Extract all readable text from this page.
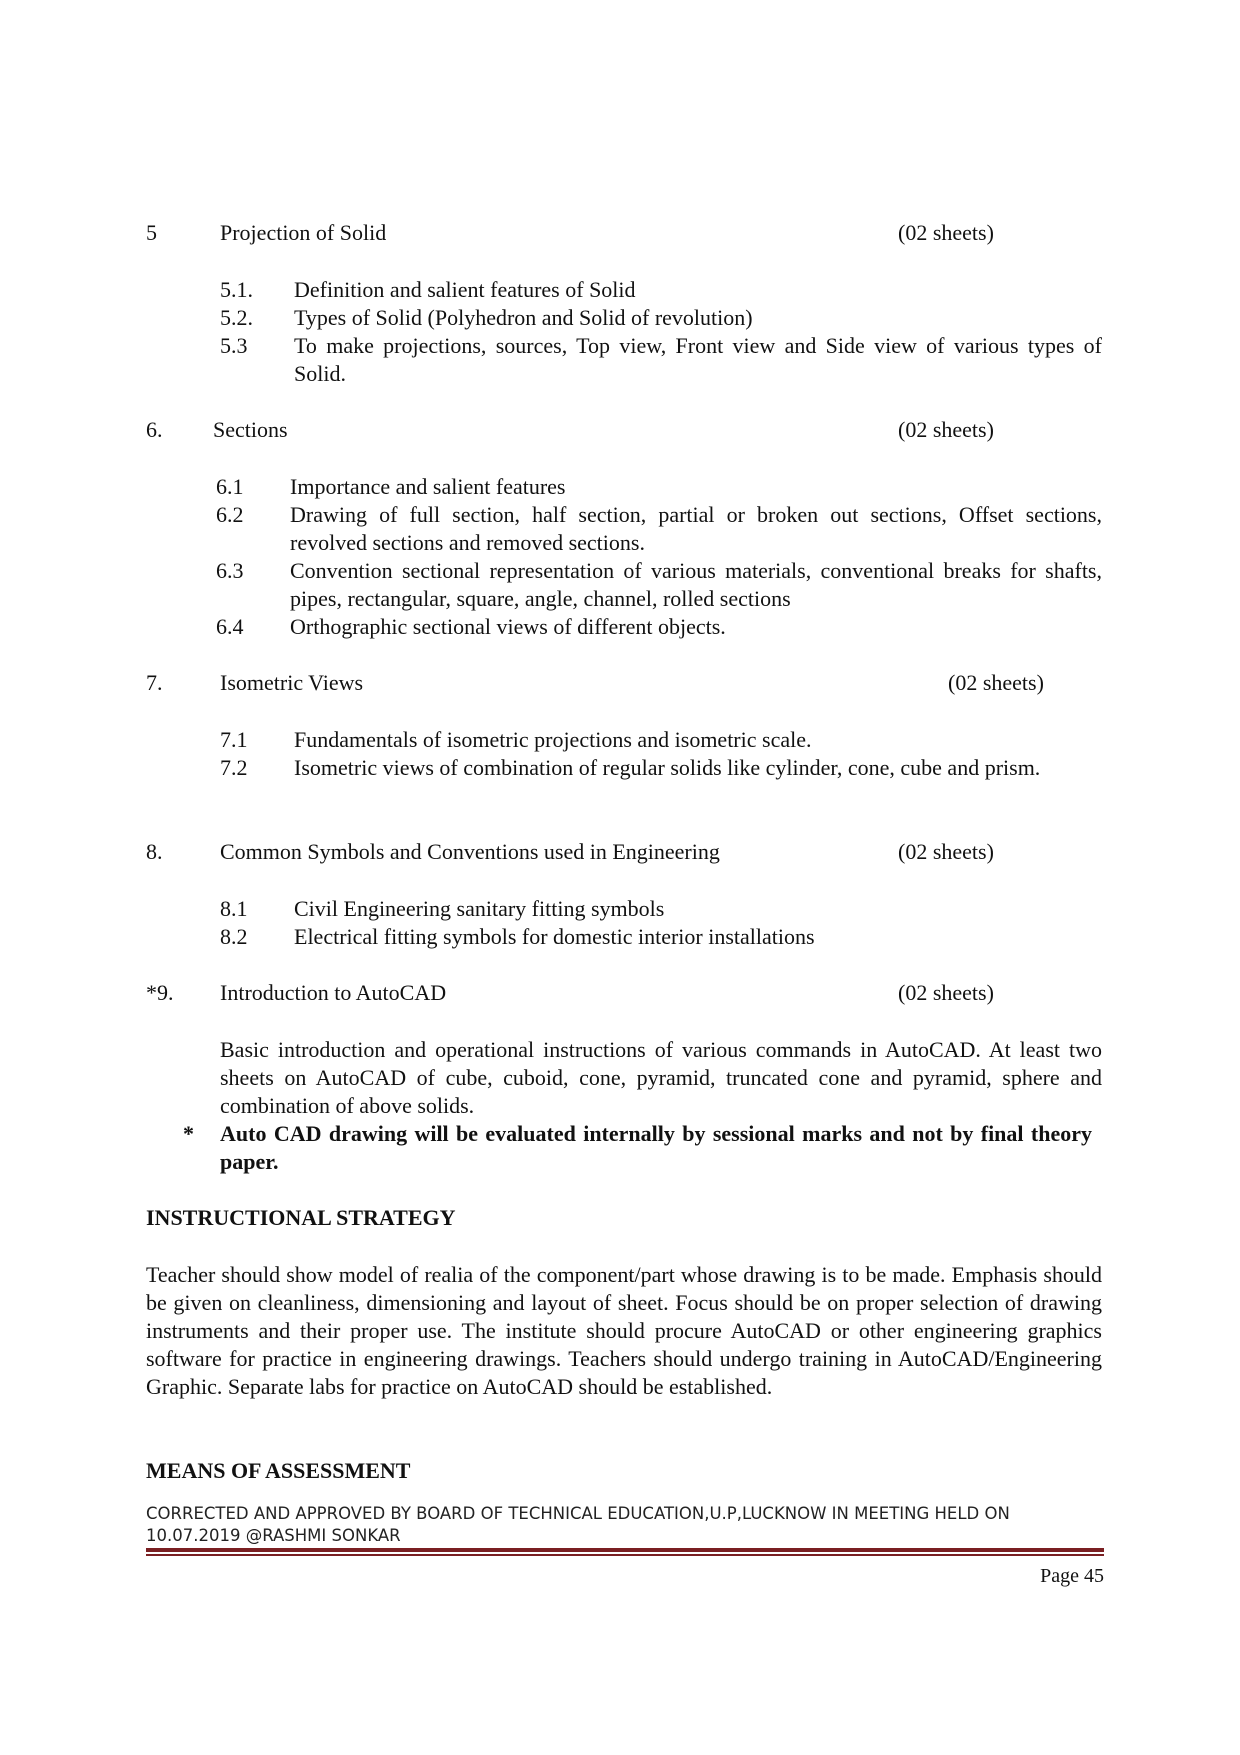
5	Projection of Solid	(02 sheets)
5.1. Definition and salient features of Solid
5.2. Types of Solid (Polyhedron and Solid of revolution)
5.3 To make projections, sources, Top view, Front view and Side view of various types of Solid.
6. Sections	(02 sheets)
6.1 Importance and salient features
6.2 Drawing of full section, half section, partial or broken out sections, Offset sections, revolved sections and removed sections.
6.3 Convention sectional representation of various materials, conventional breaks for shafts, pipes, rectangular, square, angle, channel, rolled sections
6.4 Orthographic sectional views of different objects.
7.	Isometric Views	(02 sheets)
7.1 Fundamentals of isometric projections and isometric scale.
7.2 Isometric views of combination of regular solids like cylinder, cone, cube and prism.
8.	Common Symbols and Conventions used in Engineering	(02 sheets)
8.1 Civil Engineering sanitary fitting symbols
8.2 Electrical fitting symbols for domestic interior installations
*9. Introduction to AutoCAD	(02 sheets)
Basic introduction and operational instructions of various commands in AutoCAD. At least two sheets on AutoCAD of cube, cuboid, cone, pyramid, truncated cone and pyramid, sphere and combination of above solids.
* Auto CAD drawing will be evaluated internally by sessional marks and not by final theory paper.
INSTRUCTIONAL STRATEGY
Teacher should show model of realia of the component/part whose drawing is to be made. Emphasis should be given on cleanliness, dimensioning and layout of sheet. Focus should be on proper selection of drawing instruments and their proper use. The institute should procure AutoCAD or other engineering graphics software for practice in engineering drawings. Teachers should undergo training in AutoCAD/Engineering Graphic. Separate labs for practice on AutoCAD should be established.
MEANS OF ASSESSMENT
CORRECTED AND APPROVED BY BOARD OF TECHNICAL EDUCATION,U.P,LUCKNOW IN MEETING HELD ON 10.07.2019 @RASHMI SONKAR
Page 45
